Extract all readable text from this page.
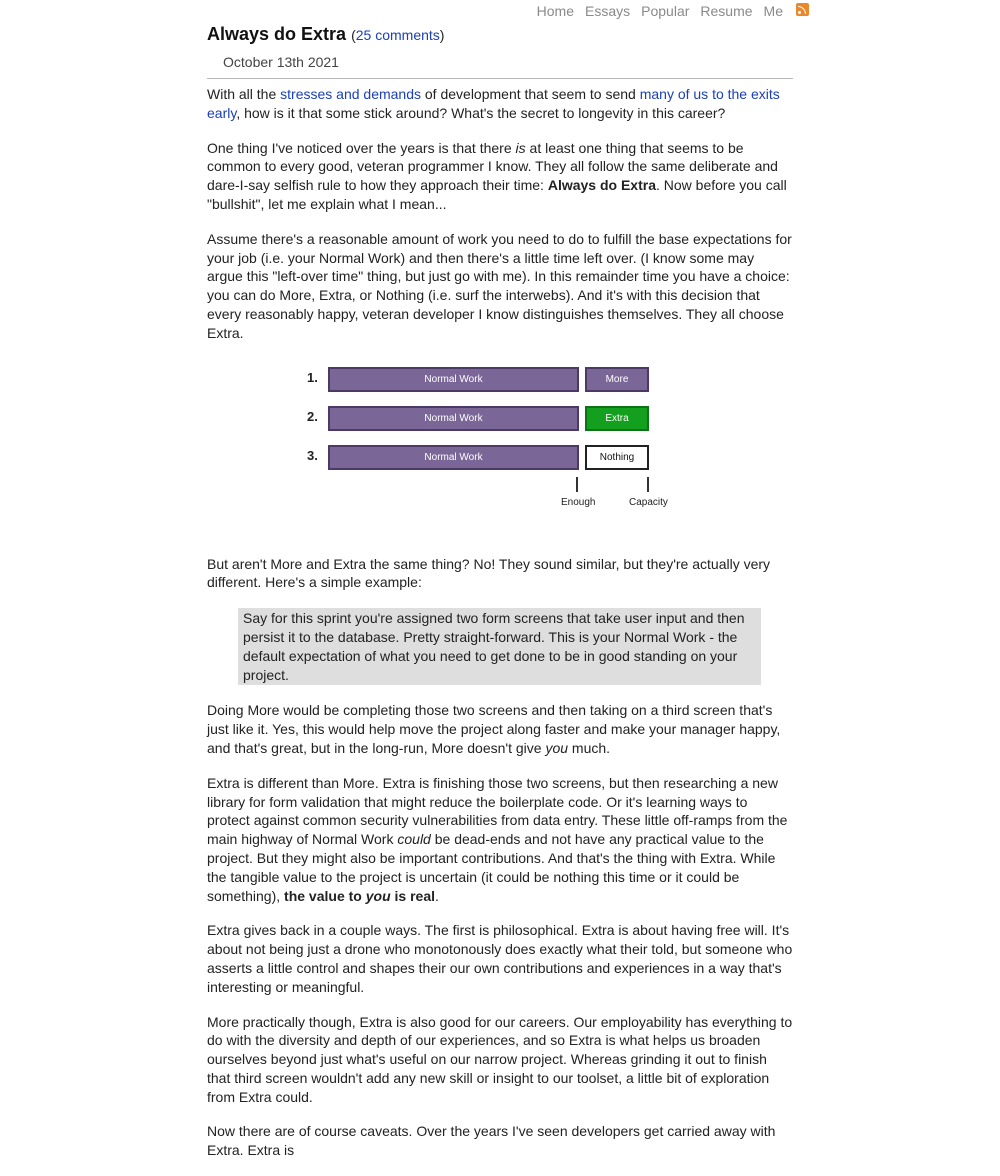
Home Essays Popular Resume Me
Always do Extra (25 comments)
October 13th 2021

With all the stresses and demands of development that seem to send many of us to the exits early, how is it that some stick around? What's the secret to longevity in this career?

One thing I've noticed over the years is that there is at least one thing that seems to be common to every good, veteran programmer I know. They all follow the same deliberate and dare-I-say selfish rule to how they approach their time: Always do Extra. Now before you call "bullshit", let me explain what I mean...

Assume there's a reasonable amount of work you need to do to fulfill the base expectations for your job (i.e. your Normal Work) and then there's a little time left over. (I know some may argue this "left-over time" thing, but just go with me). In this remainder time you have a choice: you can do More, Extra, or Nothing (i.e. surf the interwebs). And it's with this decision that every reasonably happy, veteran developer I know distinguishes themselves. They all choose Extra.

1.	Normal Work	More
2.	Normal Work	Extra
3.	Normal Work	Nothing
Enough	Capacity

But aren't More and Extra the same thing? No! They sound similar, but they're actually very different. Here's a simple example:

Say for this sprint you're assigned two form screens that take user input and then persist it to the database. Pretty straight-forward. This is your Normal Work - the default expectation of what you need to get done to be in good standing on your project.

Doing More would be completing those two screens and then taking on a third screen that's just like it. Yes, this would help move the project along faster and make your manager happy, and that's great, but in the long-run, More doesn't give you much.

Extra is different than More. Extra is finishing those two screens, but then researching a new library for form validation that might reduce the boilerplate code. Or it's learning ways to protect against common security vulnerabilities from data entry. These little off-ramps from the main highway of Normal Work could be dead-ends and not have any practical value to the project. But they might also be important contributions. And that's the thing with Extra. While the tangible value to the project is uncertain (it could be nothing this time or it could be something), the value to you is real.

Extra gives back in a couple ways. The first is philosophical. Extra is about having free will. It's about not being just a drone who monotonously does exactly what their told, but someone who asserts a little control and shapes their our own contributions and experiences in a way that's interesting or meaningful.

More practically though, Extra is also good for our careers. Our employability has everything to do with the diversity and depth of our experiences, and so Extra is what helps us broaden ourselves beyond just what's useful on our narrow project. Whereas grinding it out to finish that third screen wouldn't add any new skill or insight to our toolset, a little bit of exploration from Extra could.

Now there are of course caveats. Over the years I've seen developers get carried away with Extra. Extra is
